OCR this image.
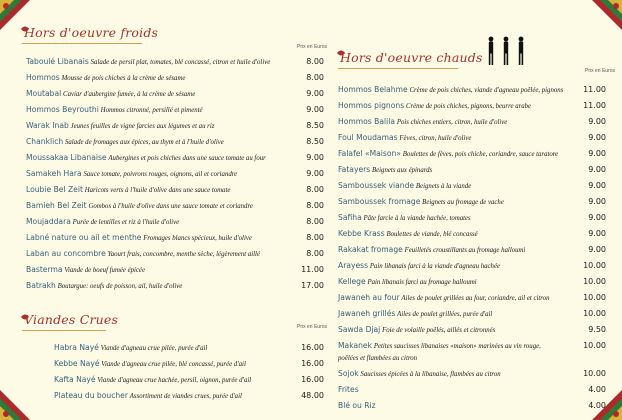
Hors d'oeuvre froids
Prix en Euros
Taboulé Libanais Salade de persil plat, tomates, blé concassé, citron et huile d'olive	8.00
Hommos Mousse de pois chiches à la crème de sésame	8.00
Moutabal Caviar d'aubergine fumée, à la crème de sésame	9.00
Hommos Beyrouthi Hommos citronné, persillé et pimenté	9.00
Warak Inab Jeunes feuilles de vigne farcies aux légumes et au riz	8.50
Chanklich Salade de fromages aux épices, au thym et à l'huile d'olive	8.50
Moussakaa Libanaise Aubergines et pois chiches dans une sauce tomate au four	9.00
Samakeh Hara Sauce tomate, poivrons rouges, oignons, ail et coriandre	9.00
Loubie Bel Zeit Haricots verts à l'huile d'olive dans une sauce tomate	8.00
Bamieh Bel Zeit Gombos à l'huile d'olive dans une sauce tomate et coriandre	8.00
Moujaddara Purée de lentilles et riz à l'huile d'olive	8.00
Labné nature ou ail et menthe Fromages blancs spécieux, huile d'olive	8.00
Laban au concombre Yaourt frais, concombre, menthe sèche, légèrement aillé	8.00
Basterma Viande de boeuf fumée épicée	11.00
Batrakh Boutargue: oeufs de poisson, ail, huile d'olive	17.00
Viandes Crues	Prix en Euros
Habra Nayé Viande d'agneau crue pilée, purée d'ail	16.00
Kebbe Nayé Viande d'agneau crue pilée, blé concassé, purée d'ail	16.00
Kafta Nayé Viande d'agneau crue hachée, persil, oignon, purée d'ail	16.00
Plateau du boucher Assortiment de viandes crues, purée d'ail	48.00
Hors d'oeuvre chauds
Prix en Euros
Hommos Belahme Crème de pois chiches, viande d'agneau poêlée, pignons 11.00
Hommos pignons Crème de pois chiches, pignons, beurre arabe	11.00
Hommos Balila Pois chiches entiers, citron, huile d'olive	9.00
Foul Moudamas Fèves, citron, huile d'olive	9.00
Falafel «Maison» Boulettes de fèves, pois chiche, coriandre, sauce taratore	9.00
Fatayers Beignets aux épinards	9.00
Samboussek viande Beignets à la viande	9.00
Samboussek fromage Beignets au fromage de vache	9.00
Safiha Pâte farcie à la viande hachée, tomates	9.00
Kebbe Krass Boulettes de viande, blé concassé	9.00
Rakakat fromage Feuilletés croustillants au fromage halloumi	9.00
Arayess Pain libanais farci à la viande d'agneau hachée	10.00
Kellege Pain libanais farci au fromage halloumi	10.00
Jawaneh au four Ailes de poulet grillées au four, coriandre, ail et citron	10.00
Jawaneh grillés Ailes de poulet grillées, purée d'ail	10.00
Sawda Djaj Foie de volaille poêlés, aillés et citronnés	9.50
Makanek Petites saucisses libanaises «maison» marinées au vin rouge,	10.00
poêlées et flambées au citron
Sojok Saucisses épicées à la libanaise, flambées au citron	10.00
Frites	4.00
Blé ou Riz	4.00
